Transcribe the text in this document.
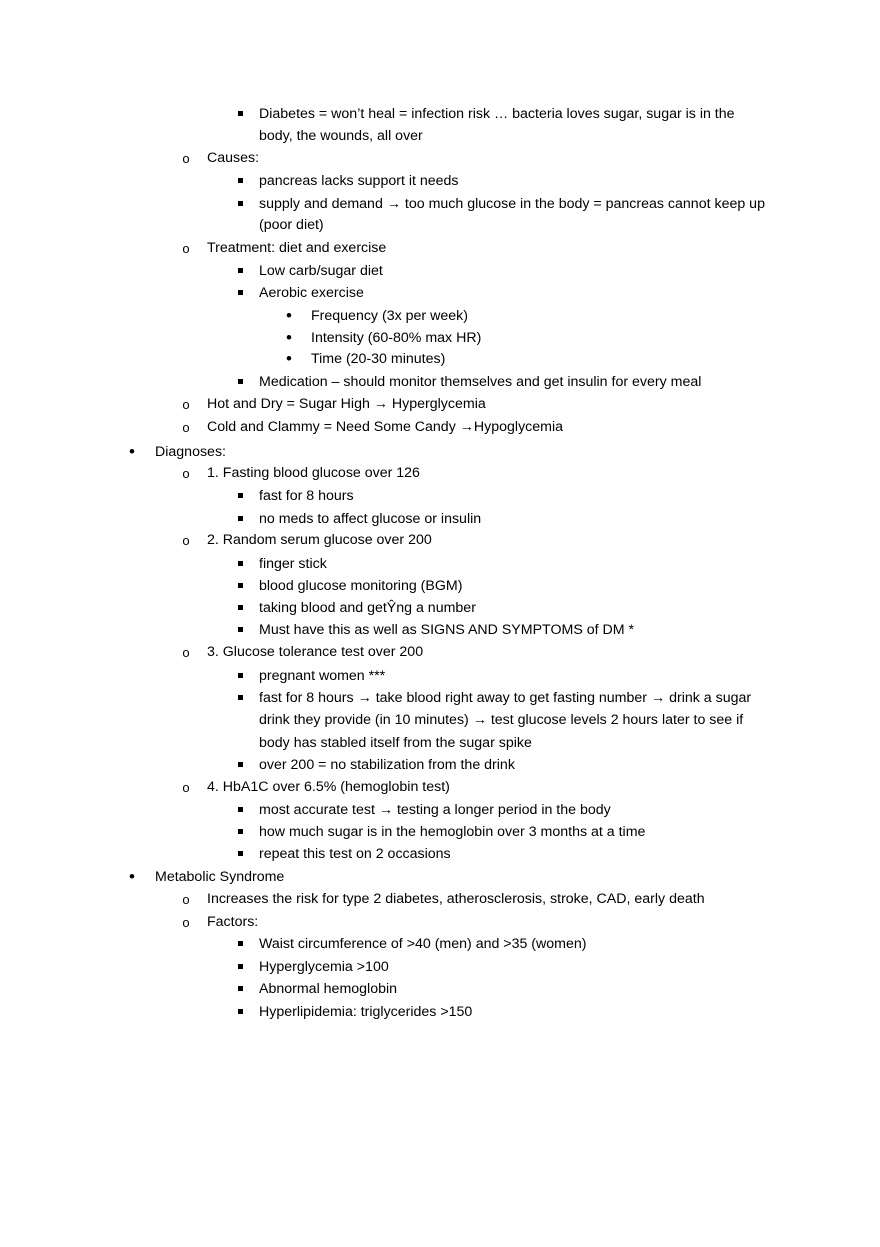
Diabetes = won’t heal = infection risk … bacteria loves sugar, sugar is in the
body, the wounds, all over
o
Causes:
pancreas lacks support it needs
supply and demand → too much glucose in the body = pancreas cannot keep up
(poor diet)
o
Treatment: diet and exercise
Low carb/sugar diet
Aerobic exercise
•
Frequency (3x per week)
•
Intensity (60-80% max HR)
•
Time (20-30 minutes)
Medication – should monitor themselves and get insulin for every meal
o
Hot and Dry = Sugar High → Hyperglycemia
o
Cold and Clammy = Need Some Candy →Hypoglycemia
•
Diagnoses:
o
1. Fasting blood glucose over 126
fast for 8 hours
no meds to affect glucose or insulin
o
2. Random serum glucose over 200
finger stick
blood glucose monitoring (BGM)
taking blood and getŶng a number
Must have this as well as SIGNS AND SYMPTOMS of DM *
o
3. Glucose tolerance test over 200
pregnant women ***
fast for 8 hours → take blood right away to get fasting number → drink a sugar
drink they provide (in 10 minutes) → test glucose levels 2 hours later to see if
body has stabled itself from the sugar spike
over 200 = no stabilization from the drink
o
4. HbA1C over 6.5% (hemoglobin test)
most accurate test → testing a longer period in the body
how much sugar is in the hemoglobin over 3 months at a time
repeat this test on 2 occasions
•
Metabolic Syndrome
o
Increases the risk for type 2 diabetes, atherosclerosis, stroke, CAD, early death
o
Factors:
Waist circumference of >40 (men) and >35 (women)
Hyperglycemia >100
Abnormal hemoglobin
Hyperlipidemia: triglycerides >150
